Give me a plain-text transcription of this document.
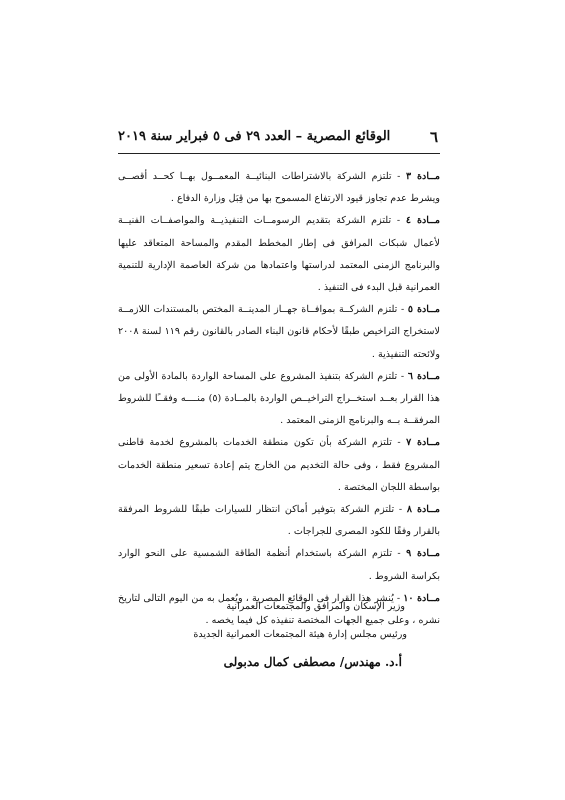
٦
الوقائع المصرية – العدد ٢٩ فى ٥ فبراير سنة ٢٠١٩

مــادة ٣ - تلتزم الشركة بالاشتراطات البنائيــة المعمــول بهــا كحــد أقصــى ويشرط عدم تجاوز قيود الارتفاع المسموح بها من قِبَل وزارة الدفاع .

مــادة ٤ - تلتزم الشركة بتقديم الرسومــات التنفيذيــة والمواصفــات الفنيــة لأعمال شبكات المرافق فى إطار المخطط المقدم والمساحة المتعاقد عليها والبرنامج الزمنى المعتمد لدراستها واعتمادها من شركة العاصمة الإدارية للتنمية العمرانية قبل البدء فى التنفيذ .

مــادة ٥ - تلتزم الشركــة بموافــاة جهــاز المدينــة المختص بالمستندات اللازمــة لاستخراج التراخيص طبقًا لأحكام قانون البناء الصادر بالقانون رقم ١١٩ لسنة ٢٠٠٨ ولائحته التنفيذية .

مــادة ٦ - تلتزم الشركة بتنفيذ المشروع على المساحة الواردة بالمادة الأولى من هذا القرار بعــد استخــراج التراخيــص الواردة بالمــادة (٥) منــــه وفقــًا للشروط المرفقــة بــه والبرنامج الزمنى المعتمد .

مــادة ٧ - تلتزم الشركة بأن تكون منطقة الخدمات بالمشروع لخدمة قاطنى المشروع فقط ، وفى حالة التخديم من الخارج يتم إعادة تسعير منطقة الخدمات بواسطة اللجان المختصة .

مــادة ٨ - تلتزم الشركة بتوفير أماكن انتظار للسيارات طبقًا للشروط المرفقة بالقرار وفقًا للكود المصرى للجراجات .

مــادة ٩ - تلتزم الشركة باستخدام أنظمة الطاقة الشمسية على النحو الوارد بكراسة الشروط .

مــادة ١٠ - يُنشر هذا القرار فى الوقائع المصرية ، ويُعمل به من اليوم التالى لتاريخ نشره ، وعلى جميع الجهات المختصة تنفيذه كل فيما يخصه .

وزير الإسكان والمرافق والمجتمعات العمرانية
ورئيس مجلس إدارة هيئة المجتمعات العمرانية الجديدة
أ.د. مهندس/ مصطفى كمال مدبولى
